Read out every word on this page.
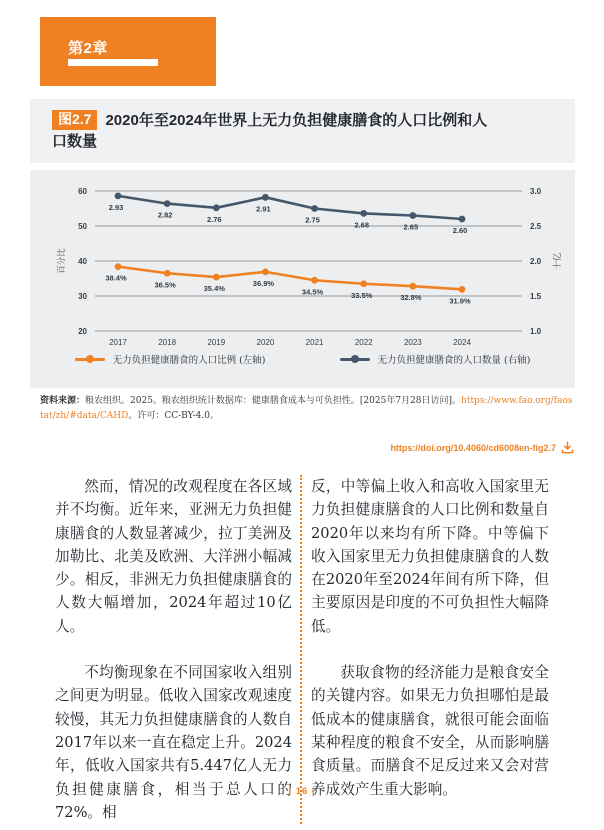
第2章
图2.7 2020年至2024年世界上无力负担健康膳食的人口比例和人口数量
20	1.0
30	1.5
40	2.0
50	2.5
60	3.0
2017	2018	2019	2020	2021	2022	2023	2024
百分比	十亿
38.4%
36.5%	35.4%
36.9%
34.5%	33.5%	32.8%	31.9%
2.93
2.82	2.76
2.91
2.75
2.68	2.65	2.60
无力负担健康膳食的人口比例 (左轴)	无力负担健康膳食的人口数量 (右轴)
资料来源：粮农组织。2025。粮农组织统计数据库：健康膳食成本与可负担性。[2025年7月28日访问]。https://www.fao.org/faostat/zh/#data/CAHD。许可：CC-BY-4.0。
https://doi.org/10.4060/cd6008en-fig2.7

然而，情况的改观程度在各区域并不均衡。近年来，亚洲无力负担健康膳食的人数显著减少，拉丁美洲及加勒比、北美及欧洲、大洋洲小幅减少。相反，非洲无力负担健康膳食的人数大幅增加，2024年超过10亿人。

不均衡现象在不同国家收入组别之间更为明显。低收入国家改观速度较慢，其无力负担健康膳食的人数自2017年以来一直在稳定上升。2024年，低收入国家共有5.447亿人无力负担健康膳食，相当于总人口的72%。相

反，中等偏上收入和高收入国家里无力负担健康膳食的人口比例和数量自2020年以来均有所下降。中等偏下收入国家里无力负担健康膳食的人数在2020年至2024年间有所下降，但主要原因是印度的不可负担性大幅降低。

获取食物的经济能力是粮食安全的关键内容。如果无力负担哪怕是最低成本的健康膳食，就很可能会面临某种程度的粮食不安全，从而影响膳食质量。而膳食不足反过来又会对营养成效产生重大影响。

| 16 |
